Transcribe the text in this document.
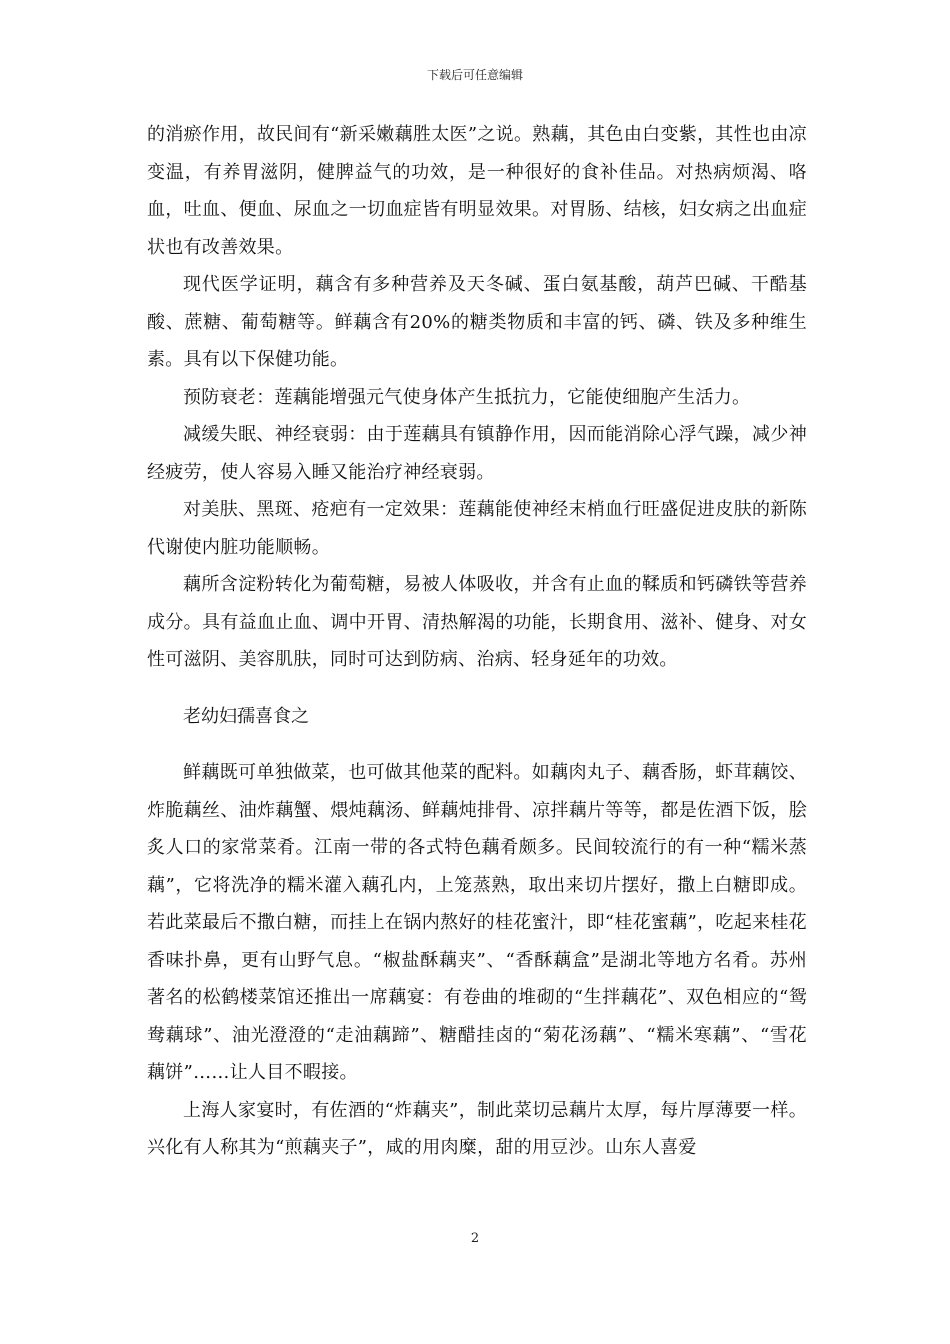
下载后可任意编辑

的消瘀作用，故民间有“新采嫩藕胜太医”之说。熟藕，其色由白变紫，其性也由凉变温，有养胃滋阴，健脾益气的功效，是一种很好的食补佳品。对热病烦渴、咯血，吐血、便血、尿血之一切血症皆有明显效果。对胃肠、结核，妇女病之出血症状也有改善效果。

现代医学证明，藕含有多种营养及天冬碱、蛋白氨基酸，葫芦巴碱、干酷基酸、蔗糖、葡萄糖等。鲜藕含有20%的糖类物质和丰富的钙、磷、铁及多种维生素。具有以下保健功能。

预防衰老：莲藕能增强元气使身体产生抵抗力，它能使细胞产生活力。

减缓失眠、神经衰弱：由于莲藕具有镇静作用，因而能消除心浮气躁，减少神经疲劳，使人容易入睡又能治疗神经衰弱。

对美肤、黑斑、疮疤有一定效果：莲藕能使神经末梢血行旺盛促进皮肤的新陈代谢使内脏功能顺畅。

藕所含淀粉转化为葡萄糖，易被人体吸收，并含有止血的鞣质和钙磷铁等营养成分。具有益血止血、调中开胃、清热解渴的功能，长期食用、滋补、健身、对女性可滋阴、美容肌肤，同时可达到防病、治病、轻身延年的功效。

老幼妇孺喜食之

鲜藕既可单独做菜，也可做其他菜的配料。如藕肉丸子、藕香肠，虾茸藕饺、炸脆藕丝、油炸藕蟹、煨炖藕汤、鲜藕炖排骨、凉拌藕片等等，都是佐酒下饭，脍炙人口的家常菜肴。江南一带的各式特色藕肴颇多。民间较流行的有一种“糯米蒸藕”，它将洗净的糯米灌入藕孔内，上笼蒸熟，取出来切片摆好，撒上白糖即成。若此菜最后不撒白糖，而挂上在锅内熬好的桂花蜜汁，即“桂花蜜藕”，吃起来桂花香味扑鼻，更有山野气息。“椒盐酥藕夹”、“香酥藕盒”是湖北等地方名肴。苏州著名的松鹤楼菜馆还推出一席藕宴：有卷曲的堆砌的“生拌藕花”、双色相应的“鸳鸯藕球”、油光澄澄的“走油藕蹄”、糖醋挂卤的“菊花汤藕”、“糯米寒藕”、“雪花藕饼”……让人目不暇接。

上海人家宴时，有佐酒的“炸藕夹”，制此菜切忌藕片太厚，每片厚薄要一样。兴化有人称其为“煎藕夹子”，咸的用肉糜，甜的用豆沙。山东人喜爱

2
